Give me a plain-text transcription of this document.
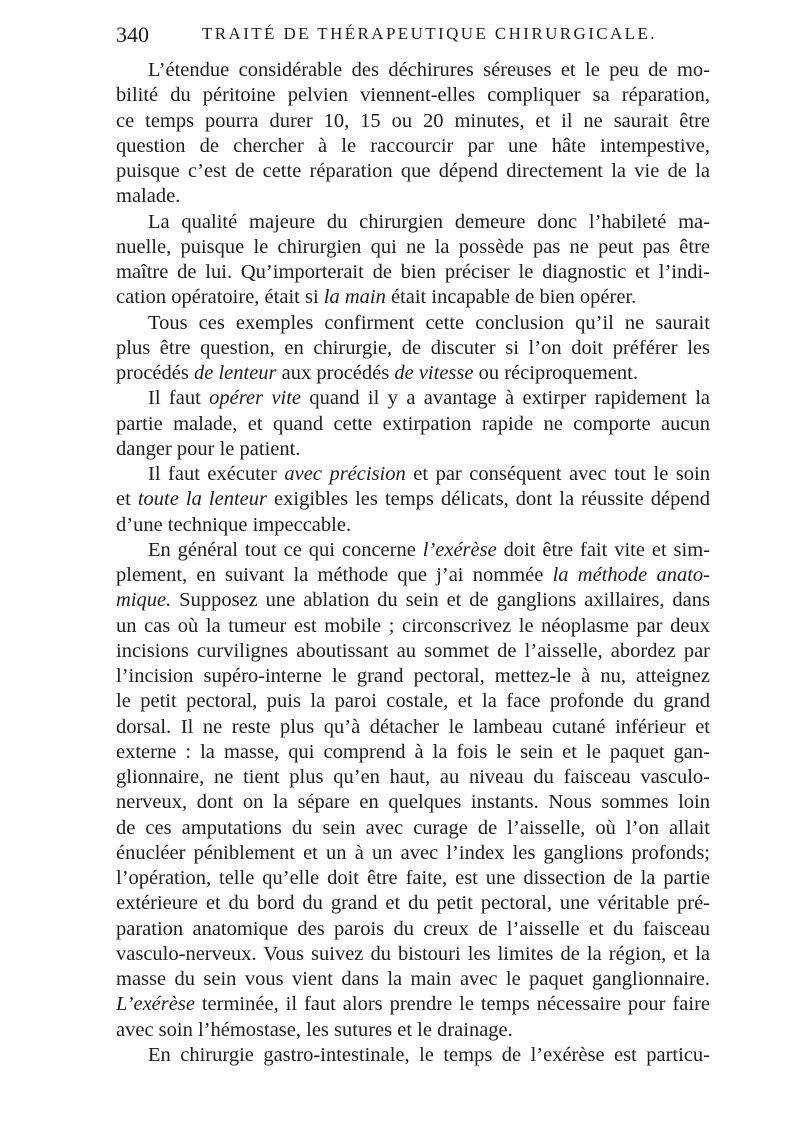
340	TRAITÉ DE THÉRAPEUTIQUE CHIRURGICALE.
L’étendue considérable des déchirures séreuses et le peu de mo-
bilité du péritoine pelvien viennent-elles compliquer sa réparation,
ce temps pourra durer 10, 15 ou 20 minutes, et il ne saurait être
question de chercher à le raccourcir par une hâte intempestive,
puisque c’est de cette réparation que dépend directement la vie de la
malade.
La qualité majeure du chirurgien demeure donc l’habileté ma-
nuelle, puisque le chirurgien qui ne la possède pas ne peut pas être
maître de lui. Qu’importerait de bien préciser le diagnostic et l’indi-
cation opératoire, était si la main était incapable de bien opérer.
Tous ces exemples confirment cette conclusion qu’il ne saurait
plus être question, en chirurgie, de discuter si l’on doit préférer les
procédés de lenteur aux procédés de vitesse ou réciproquement.
Il faut opérer vite quand il y a avantage à extirper rapidement la
partie malade, et quand cette extirpation rapide ne comporte aucun
danger pour le patient.
Il faut exécuter avec précision et par conséquent avec tout le soin
et toute la lenteur exigibles les temps délicats, dont la réussite dépend
d’une technique impeccable.
En général tout ce qui concerne l’exérèse doit être fait vite et sim-
plement, en suivant la méthode que j’ai nommée la méthode anato-
mique. Supposez une ablation du sein et de ganglions axillaires, dans
un cas où la tumeur est mobile ; circonscrivez le néoplasme par deux
incisions curvilignes aboutissant au sommet de l’aisselle, abordez par
l’incision supéro-interne le grand pectoral, mettez-le à nu, atteignez
le petit pectoral, puis la paroi costale, et la face profonde du grand
dorsal. Il ne reste plus qu’à détacher le lambeau cutané inférieur et
externe : la masse, qui comprend à la fois le sein et le paquet gan-
glionnaire, ne tient plus qu’en haut, au niveau du faisceau vasculo-
nerveux, dont on la sépare en quelques instants. Nous sommes loin
de ces amputations du sein avec curage de l’aisselle, où l’on allait
énucléer péniblement et un à un avec l’index les ganglions profonds;
l’opération, telle qu’elle doit être faite, est une dissection de la partie
extérieure et du bord du grand et du petit pectoral, une véritable pré-
paration anatomique des parois du creux de l’aisselle et du faisceau
vasculo-nerveux. Vous suivez du bistouri les limites de la région, et la
masse du sein vous vient dans la main avec le paquet ganglionnaire.
L’exérèse terminée, il faut alors prendre le temps nécessaire pour faire
avec soin l’hémostase, les sutures et le drainage.
En chirurgie gastro-intestinale, le temps de l’exérèse est particu-
